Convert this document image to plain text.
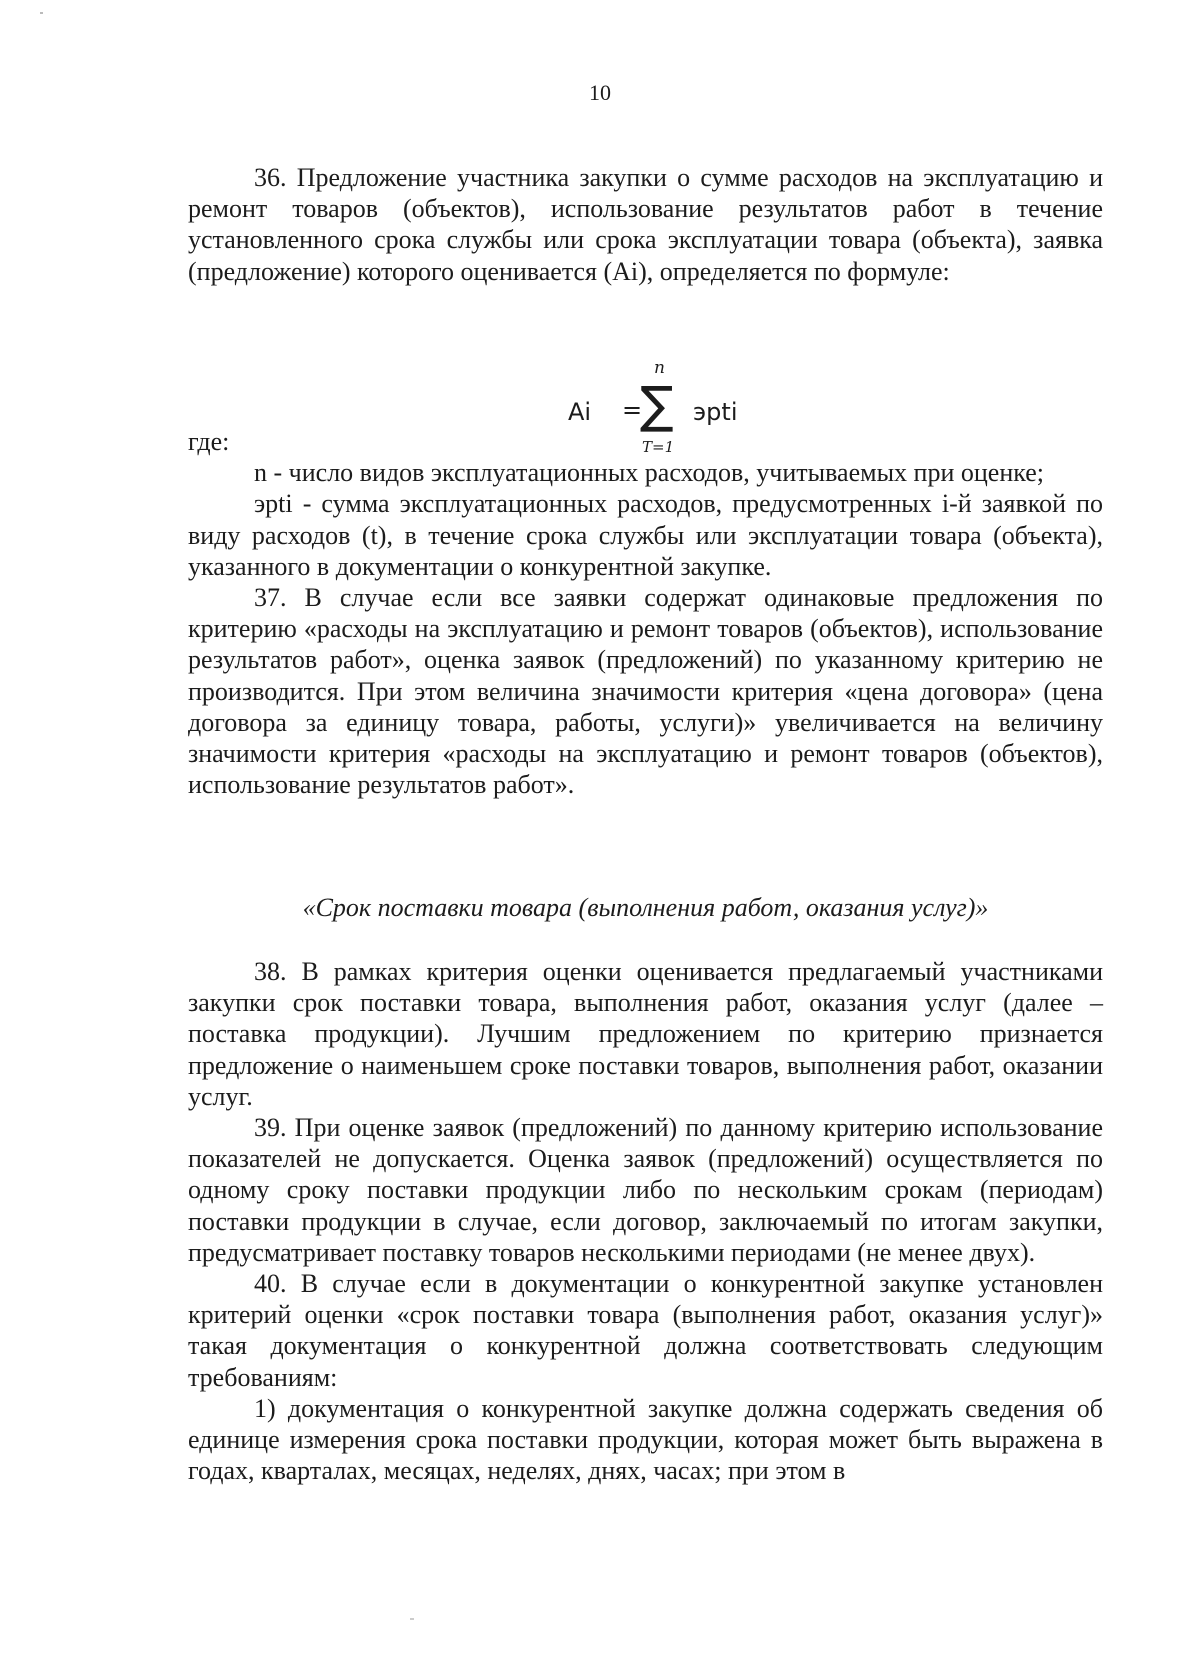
10

36. Предложение участника закупки о сумме расходов на эксплуатацию и ремонт товаров (объектов), использование результатов работ в течение установленного срока службы или срока эксплуатации товара (объекта), заявка (предложение) которого оценивается (Ai), определяется по формуле:

Ai =
n
∑
T=1
эрti

где:

n - число видов эксплуатационных расходов, учитываемых при оценке;

эрti - сумма эксплуатационных расходов, предусмотренных i-й заявкой по виду расходов (t), в течение срока службы или эксплуатации товара (объекта), указанного в документации о конкурентной закупке.

37. В случае если все заявки содержат одинаковые предложения по критерию «расходы на эксплуатацию и ремонт товаров (объектов), использование результатов работ», оценка заявок (предложений) по указанному критерию не производится. При этом величина значимости критерия «цена договора» (цена договора за единицу товара, работы, услуги)» увеличивается на величину значимости критерия «расходы на эксплуатацию и ремонт товаров (объектов), использование результатов работ».

«Срок поставки товара (выполнения работ, оказания услуг)»

38. В рамках критерия оценки оценивается предлагаемый участниками закупки срок поставки товара, выполнения работ, оказания услуг (далее – поставка продукции). Лучшим предложением по критерию признается предложение о наименьшем сроке поставки товаров, выполнения работ, оказании услуг.

39. При оценке заявок (предложений) по данному критерию использование показателей не допускается. Оценка заявок (предложений) осуществляется по одному сроку поставки продукции либо по нескольким срокам (периодам) поставки продукции в случае, если договор, заключаемый по итогам закупки, предусматривает поставку товаров несколькими периодами (не менее двух).

40. В случае если в документации о конкурентной закупке установлен критерий оценки «срок поставки товара (выполнения работ, оказания услуг)» такая документация о конкурентной должна соответствовать следующим требованиям:

1) документация о конкурентной закупке должна содержать сведения об единице измерения срока поставки продукции, которая может быть выражена в годах, кварталах, месяцах, неделях, днях, часах; при этом в
